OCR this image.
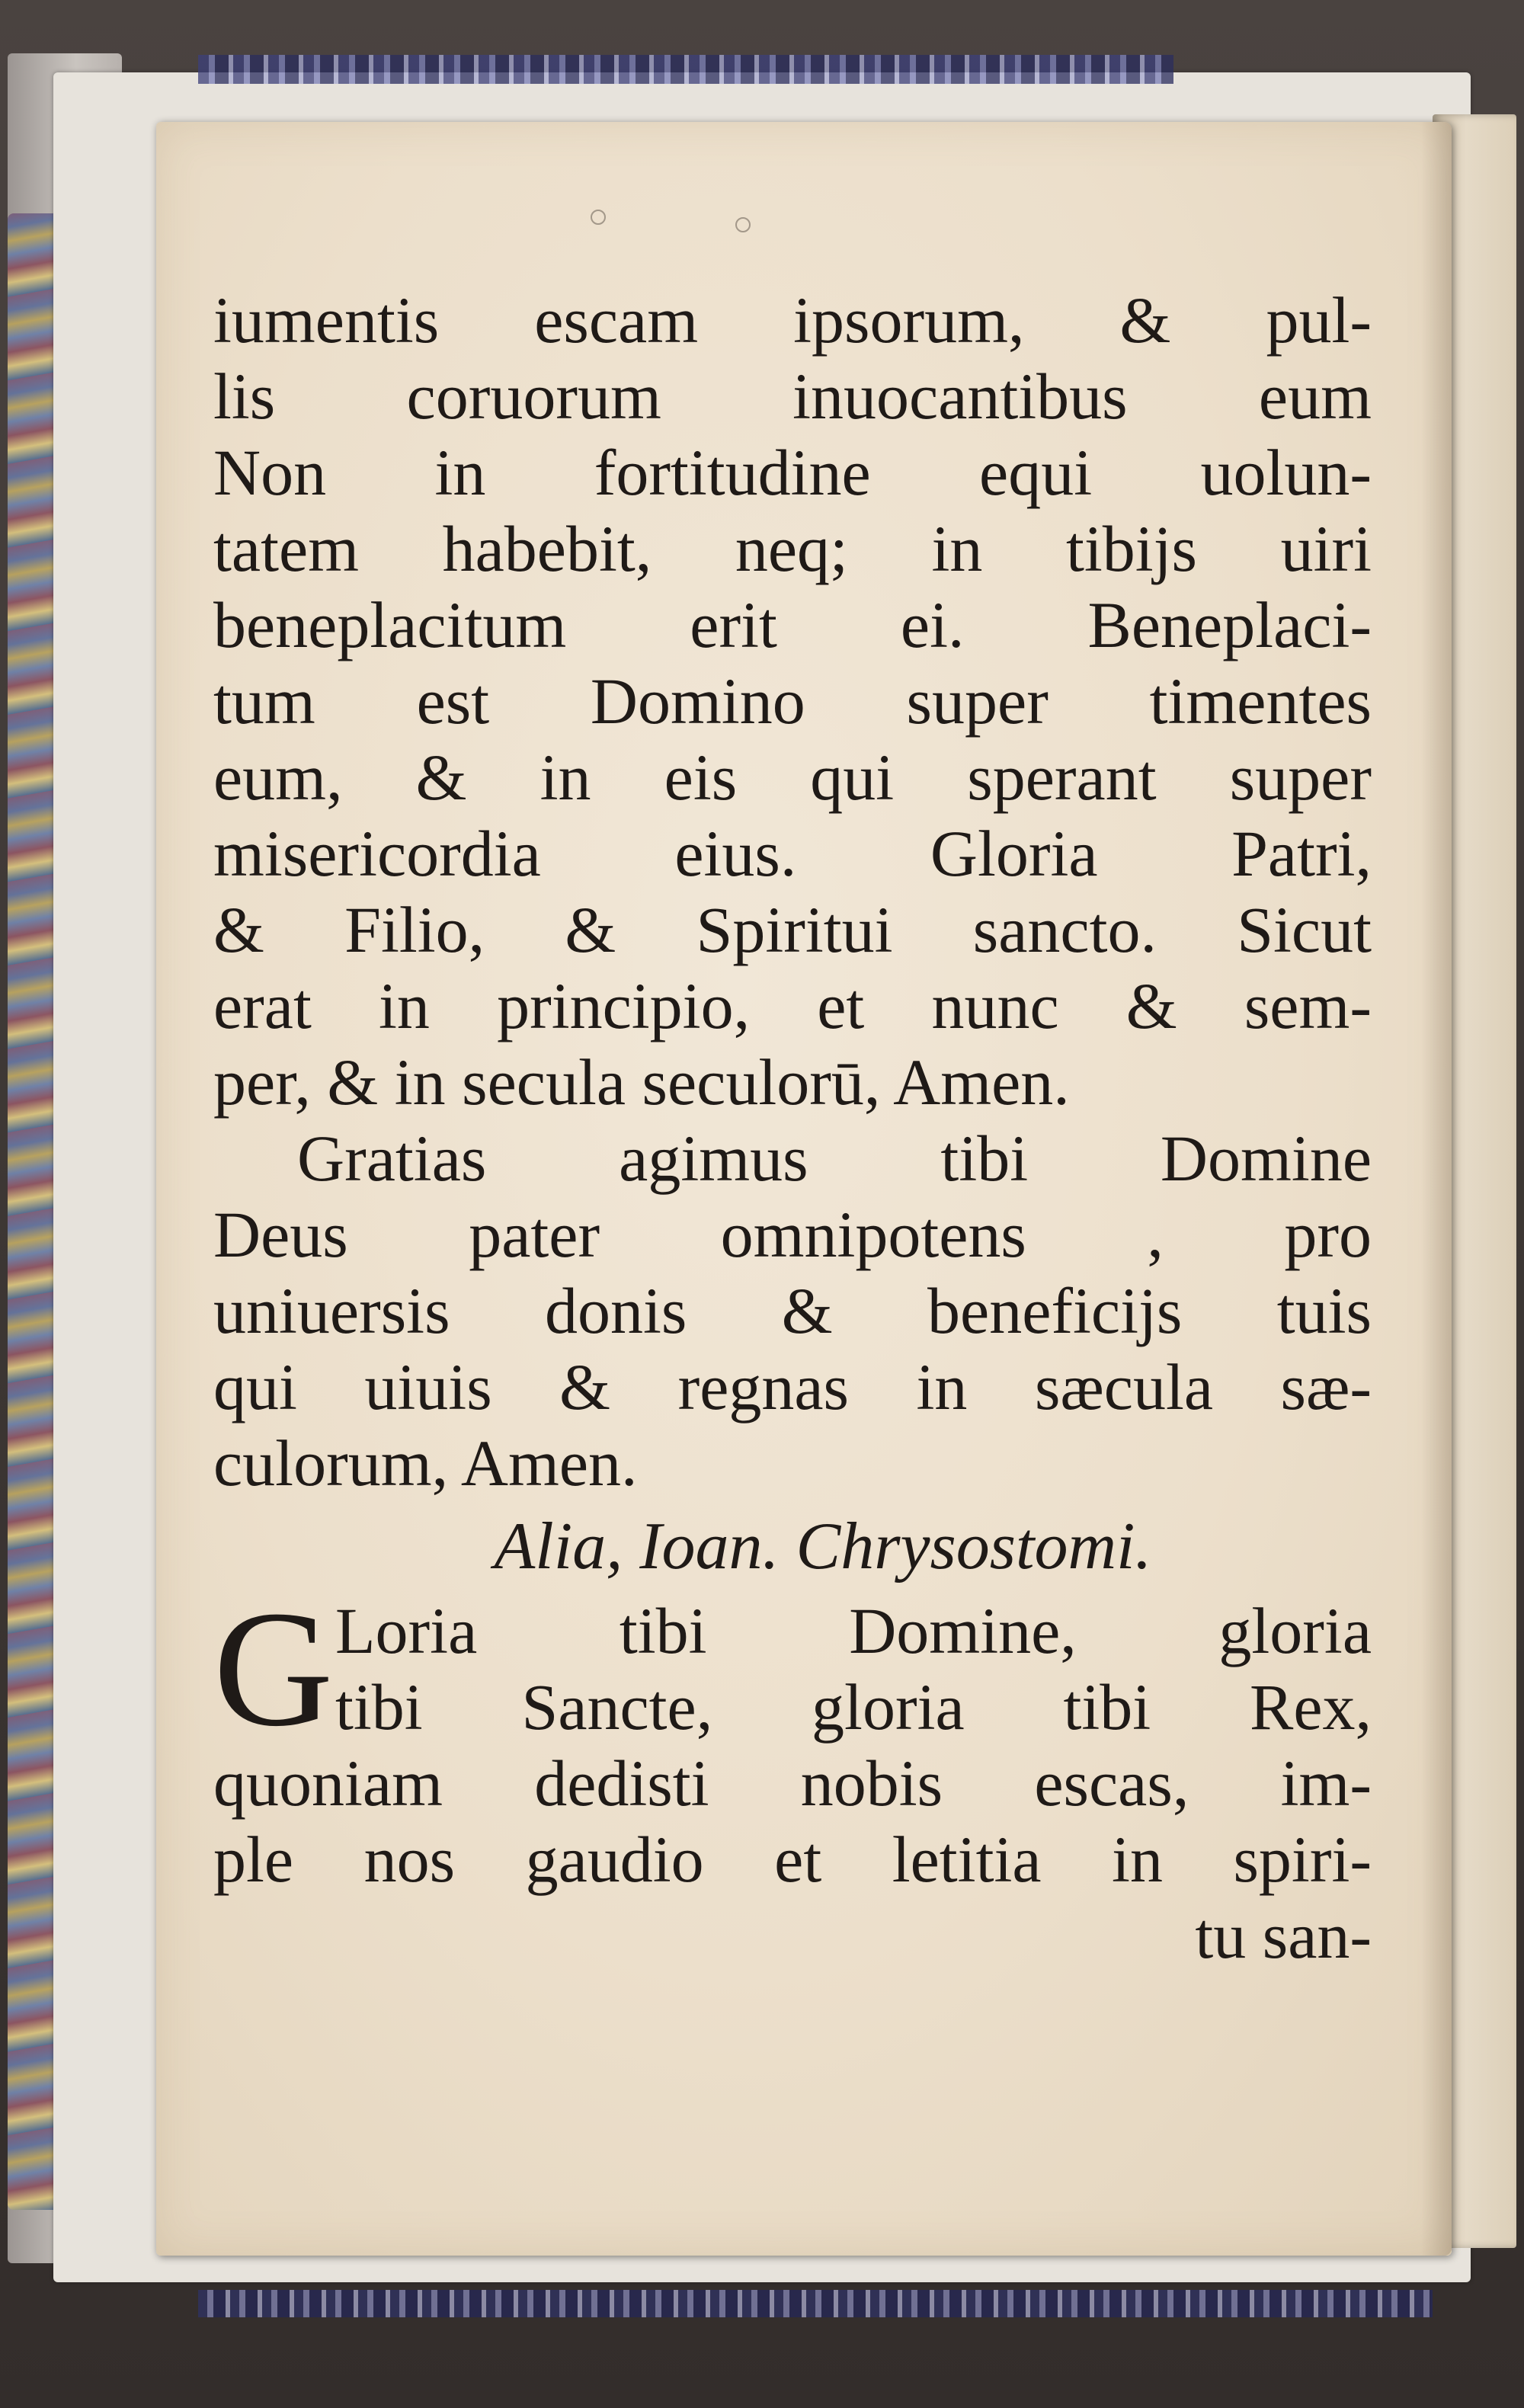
iumentis escam ipsorum, & pul-
lis coruorum inuocantibus eum
Non in fortitudine equi uolun-
tatem habebit, neq; in tibijs uiri
beneplacitum erit ei. Beneplaci-
tum est Domino super timentes
eum, & in eis qui sperant super
misericordia eius. Gloria Patri,
& Filio, & Spiritui sancto. Sicut
erat in principio, et nunc & sem-
per, & in secula seculorū, Amen.
Gratias agimus tibi Domine
Deus pater omnipotens , pro
uniuersis donis & beneficijs tuis
qui uiuis & regnas in sæcula sæ-
culorum, Amen.
Alia, Ioan. Chrysostomi.
G Loria tibi Domine, gloria
tibi Sancte, gloria tibi Rex,
quoniam dedisti nobis escas, im-
ple nos gaudio et letitia in spiri-
tu san-
